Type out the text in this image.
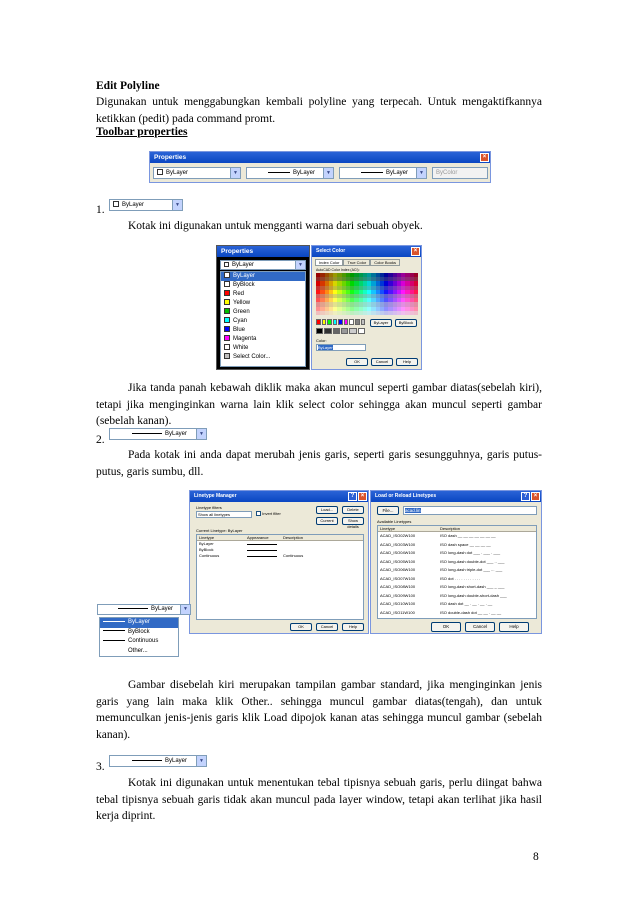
Edit Polyline
Digunakan untuk menggabungkan kembali polyline yang terpecah. Untuk mengaktifkannya ketikkan (pedit) pada command promt.
Toolbar properties
Properties	×
ByLayer	▼	ByLayer	▼	ByLayer	▼	ByColor
1.	ByLayer	▼
Kotak ini digunakan untuk mengganti warna dari sebuah obyek.
Properties
ByLayer	▼
ByLayer
ByBlock
Red
Yellow
Green
Cyan
Blue
Magenta
White
Select Color...
Select Color	×
Index Color True Color Color Books
AutoCAD Color Index (ACI):
ByLayer	ByBlock
Color:
ByLayer
OK	Cancel	Help
Jika tanda panah kebawah diklik maka akan muncul seperti gambar diatas(sebelah kiri), tetapi jika menginginkan warna lain klik select color sehingga akan muncul seperti gambar (sebelah kanan).
2.	ByLayer	▼
Pada kotak ini anda dapat merubah jenis garis, seperti garis sesungguhnya, garis putus-putus, garis sumbu, dll.
Linetype Manager	?	×
Linetype filters
Show all linetypes	Invert filter
Load...	Delete
Current	Show details
Current Linetype: ByLayer
Linetype	Appearance	Description
ByLayer
ByBlock
Continuous	Continuous
OK	Cancel	Help
ByLayer	▼
ByLayer
ByBlock
Continuous
Other...
Load or Reload Linetypes	?	×
File...	acad.lin
Available Linetypes
Linetype	Description
ACAD_ISO02W100	ISO dash __ __ __ __ __ __ __
ACAD_ISO03W100	ISO dash space __ __ __ __
ACAD_ISO04W100	ISO long-dash dot ___ . ___ . ___
ACAD_ISO05W100	ISO long-dash double-dot ___ .. ___
ACAD_ISO06W100	ISO long-dash triple-dot ___ ... ___
ACAD_ISO07W100	ISO dot . . . . . . . . . . . .
ACAD_ISO08W100	ISO long-dash short-dash ___ _ ___
ACAD_ISO09W100	ISO long-dash double-short-dash ___
ACAD_ISO10W100	ISO dash dot __ . __ . __ . __
ACAD_ISO11W100	ISO double-dash dot __ __ . __ __
OK	Cancel	Help
Gambar disebelah kiri merupakan tampilan gambar standard, jika menginginkan jenis garis yang lain maka klik Other.. sehingga muncul gambar diatas(tengah), dan untuk memunculkan jenis-jenis garis klik Load dipojok kanan atas sehingga muncul gambar (sebelah kanan).
3.	ByLayer	▼
Kotak ini digunakan untuk menentukan tebal tipisnya sebuah garis, perlu diingat bahwa tebal tipisnya sebuah garis tidak akan muncul pada layer window, tetapi akan terlihat jika hasil kerja diprint.
8
